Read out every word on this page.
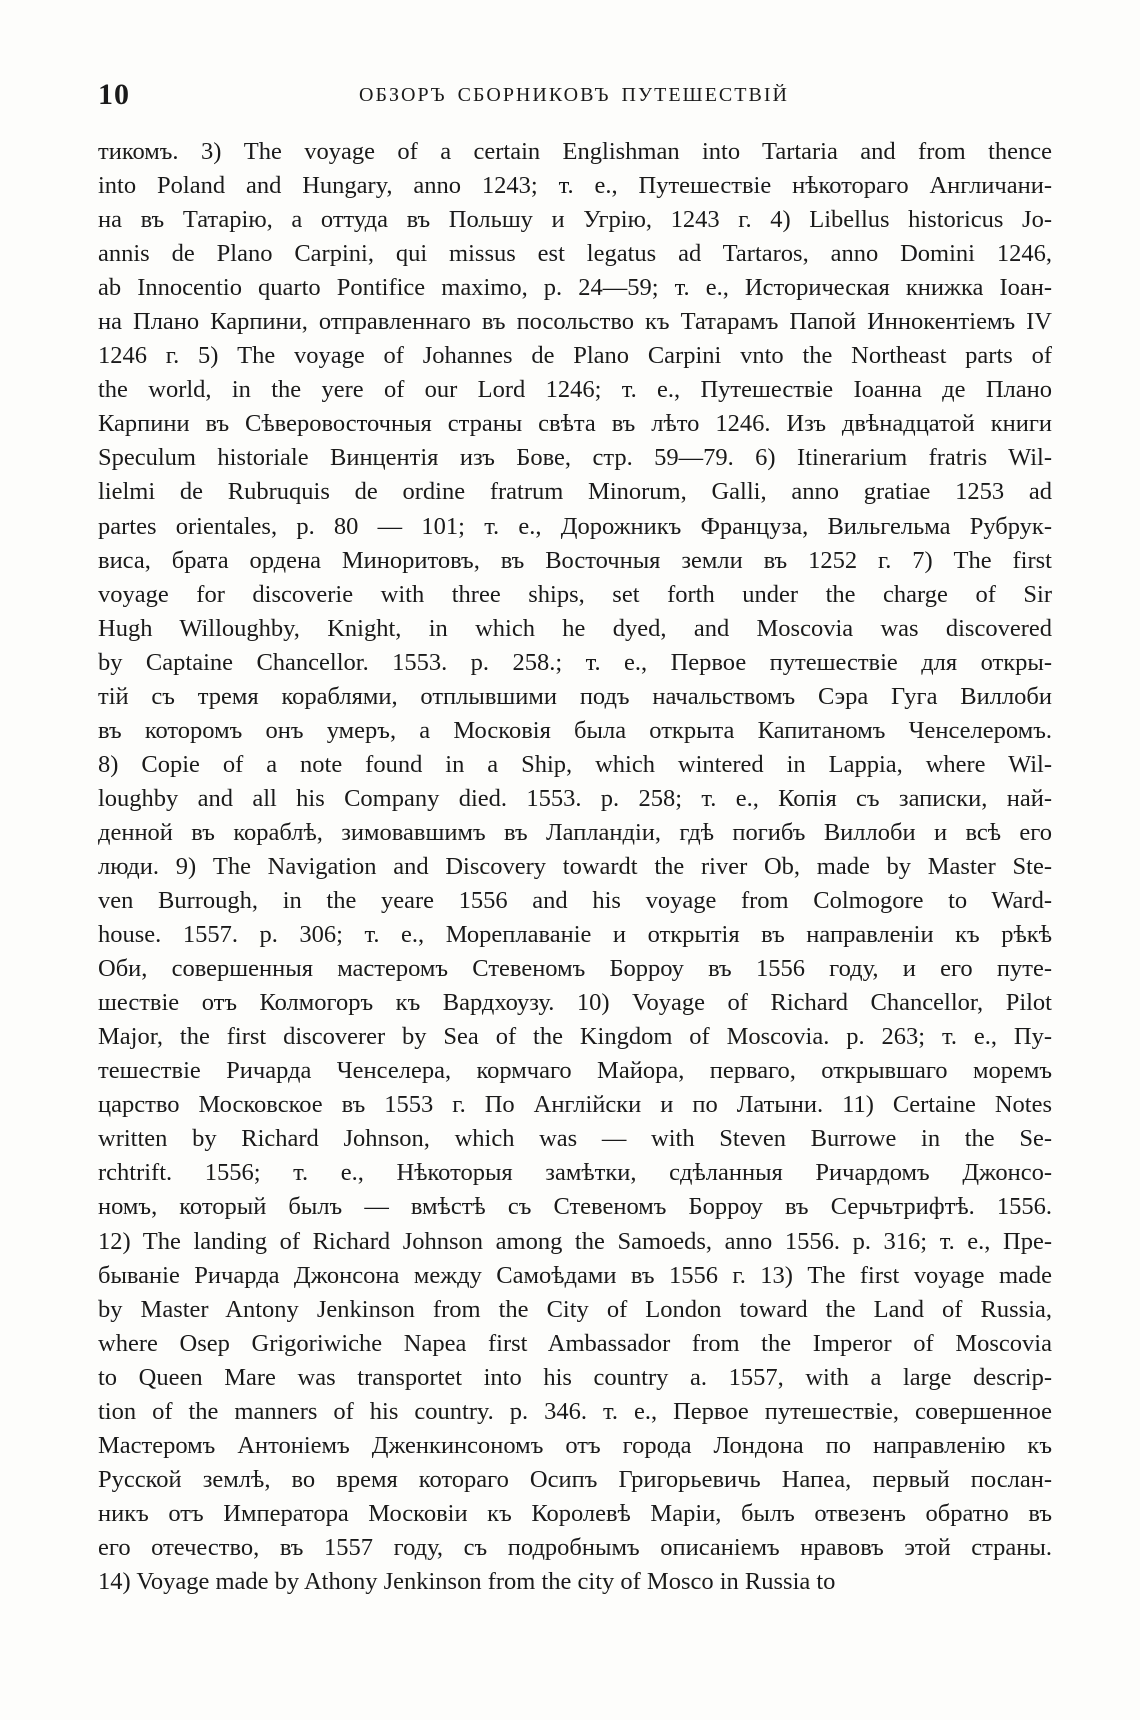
10	ОБЗОРЪ СБОРНИКОВЪ ПУТЕШЕСТВІЙ
тикомъ. 3) The voyage of a certain Englishman into Tartaria and from thence
into Poland and Hungary, anno 1243; т. е., Путешествіе нѣкотораго Англичани-
на въ Татарію, а оттуда въ Польшу и Угрію, 1243 г. 4) Libellus historicus Jo-
annis de Plano Carpini, qui missus est legatus ad Tartaros, anno Domini 1246,
ab Innocentio quarto Pontifice maximo, p. 24—59; т. е., Историческая книжка Іоан-
на Плано Карпини, отправленнаго въ посольство къ Татарамъ Папой Иннокентіемъ IV
1246 г. 5) The voyage of Johannes de Plano Carpini vnto the Northeast parts of
the world, in the yere of our Lord 1246; т. е., Путешествіе Іоанна де Плано
Карпини въ Сѣверовосточныя страны свѣта въ лѣто 1246. Изъ двѣнадцатой книги
Speculum historiale Винцентія изъ Бове, стр. 59—79. 6) Itinerarium fratris Wil-
lielmi de Rubruquis de ordine fratrum Minorum, Galli, anno gratiae 1253 ad
partes orientales, p. 80 — 101; т. е., Дорожникъ Француза, Вильгельма Рубрук-
виса, брата ордена Миноритовъ, въ Восточныя земли въ 1252 г. 7) The first
voyage for discoverie with three ships, set forth under the charge of Sir
Hugh Willoughby, Knight, in which he dyed, and Moscovia was discovered
by Captaine Chancellor. 1553. p. 258.; т. е., Первое путешествіе для откры-
тій съ тремя кораблями, отплывшими подъ начальствомъ Сэра Гуга Виллоби
въ которомъ онъ умеръ, а Московія была открыта Капитаномъ Ченселеромъ.
8) Copie of a note found in a Ship, which wintered in Lappia, where Wil-
loughby and all his Company died. 1553. p. 258; т. е., Копія съ записки, най-
денной въ кораблѣ, зимовавшимъ въ Лапландіи, гдѣ погибъ Виллоби и всѣ его
люди. 9) The Navigation and Discovery towardt the river Ob, made by Master Ste-
ven Burrough, in the yeare 1556 and his voyage from Colmogore to Ward-
house. 1557. p. 306; т. е., Мореплаваніе и открытія въ направленіи къ рѣкѣ
Оби, совершенныя мастеромъ Стевеномъ Борроу въ 1556 году, и его путе-
шествіе отъ Колмогоръ къ Вардхоузу. 10) Voyage of Richard Chancellor, Pilot
Major, the first discoverer by Sea of the Kingdom of Moscovia. p. 263; т. е., Пу-
тешествіе Ричарда Ченселера, кормчаго Майора, перваго, открывшаго моремъ
царство Московское въ 1553 г. По Англійски и по Латыни. 11) Certaine Notes
written by Richard Johnson, which was — with Steven Burrowe in the Se-
rchtrift. 1556; т. е., Нѣкоторыя замѣтки, сдѣланныя Ричардомъ Джонсо-
номъ, который былъ — вмѣстѣ съ Стевеномъ Борроу въ Серчьтрифтѣ. 1556.
12) The landing of Richard Johnson among the Samoeds, anno 1556. p. 316; т. е., Пре-
бываніе Ричарда Джонсона между Самоѣдами въ 1556 г. 13) The first voyage made
by Master Antony Jenkinson from the City of London toward the Land of Russia,
where Osep Grigoriwiche Napea first Ambassador from the Imperor of Moscovia
to Queen Mare was transportet into his country a. 1557, with a large descrip-
tion of the manners of his country. p. 346. т. е., Первое путешествіе, совершенное
Мастеромъ Антоніемъ Дженкинсономъ отъ города Лондона по направленію къ
Русской землѣ, во время котораго Осипъ Григорьевичь Напеа, первый послан-
никъ отъ Императора Московіи къ Королевѣ Маріи, былъ отвезенъ обратно въ
его отечество, въ 1557 году, съ подробнымъ описаніемъ нравовъ этой страны.
14) Voyage made by Athony Jenkinson from the city of Mosco in Russia to
